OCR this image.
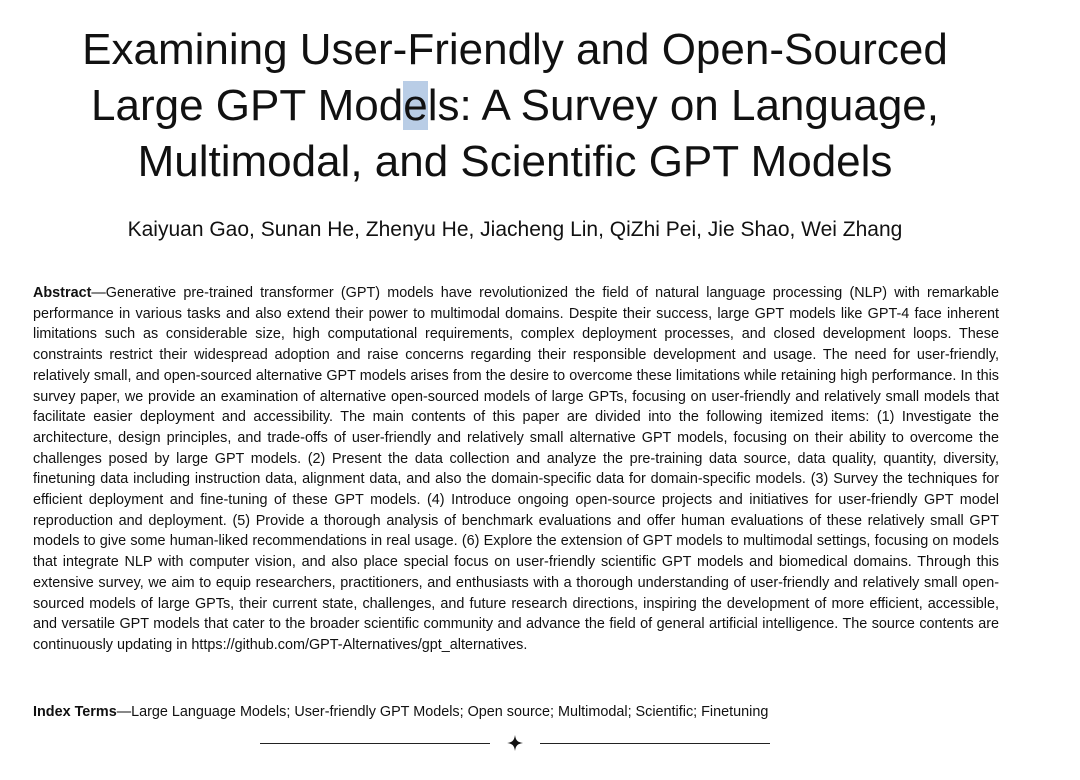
Examining User-Friendly and Open-Sourced Large GPT Models: A Survey on Language, Multimodal, and Scientific GPT Models

Kaiyuan Gao, Sunan He, Zhenyu He, Jiacheng Lin, QiZhi Pei, Jie Shao, Wei Zhang

Abstract—Generative pre-trained transformer (GPT) models have revolutionized the field of natural language processing (NLP) with remarkable performance in various tasks and also extend their power to multimodal domains. Despite their success, large GPT models like GPT-4 face inherent limitations such as considerable size, high computational requirements, complex deployment processes, and closed development loops. These constraints restrict their widespread adoption and raise concerns regarding their responsible development and usage. The need for user-friendly, relatively small, and open-sourced alternative GPT models arises from the desire to overcome these limitations while retaining high performance. In this survey paper, we provide an examination of alternative open-sourced models of large GPTs, focusing on user-friendly and relatively small models that facilitate easier deployment and accessibility. The main contents of this paper are divided into the following itemized items: (1) Investigate the architecture, design principles, and trade-offs of user-friendly and relatively small alternative GPT models, focusing on their ability to overcome the challenges posed by large GPT models. (2) Present the data collection and analyze the pre-training data source, data quality, quantity, diversity, finetuning data including instruction data, alignment data, and also the domain-specific data for domain-specific models. (3) Survey the techniques for efficient deployment and fine-tuning of these GPT models. (4) Introduce ongoing open-source projects and initiatives for user-friendly GPT model reproduction and deployment. (5) Provide a thorough analysis of benchmark evaluations and offer human evaluations of these relatively small GPT models to give some human-liked recommendations in real usage. (6) Explore the extension of GPT models to multimodal settings, focusing on models that integrate NLP with computer vision, and also place special focus on user-friendly scientific GPT models and biomedical domains. Through this extensive survey, we aim to equip researchers, practitioners, and enthusiasts with a thorough understanding of user-friendly and relatively small open-sourced models of large GPTs, their current state, challenges, and future research directions, inspiring the development of more efficient, accessible, and versatile GPT models that cater to the broader scientific community and advance the field of general artificial intelligence. The source contents are continuously updating in https://github.com/GPT-Alternatives/gpt_alternatives.

Index Terms—Large Language Models; User-friendly GPT Models; Open source; Multimodal; Scientific; Finetuning
